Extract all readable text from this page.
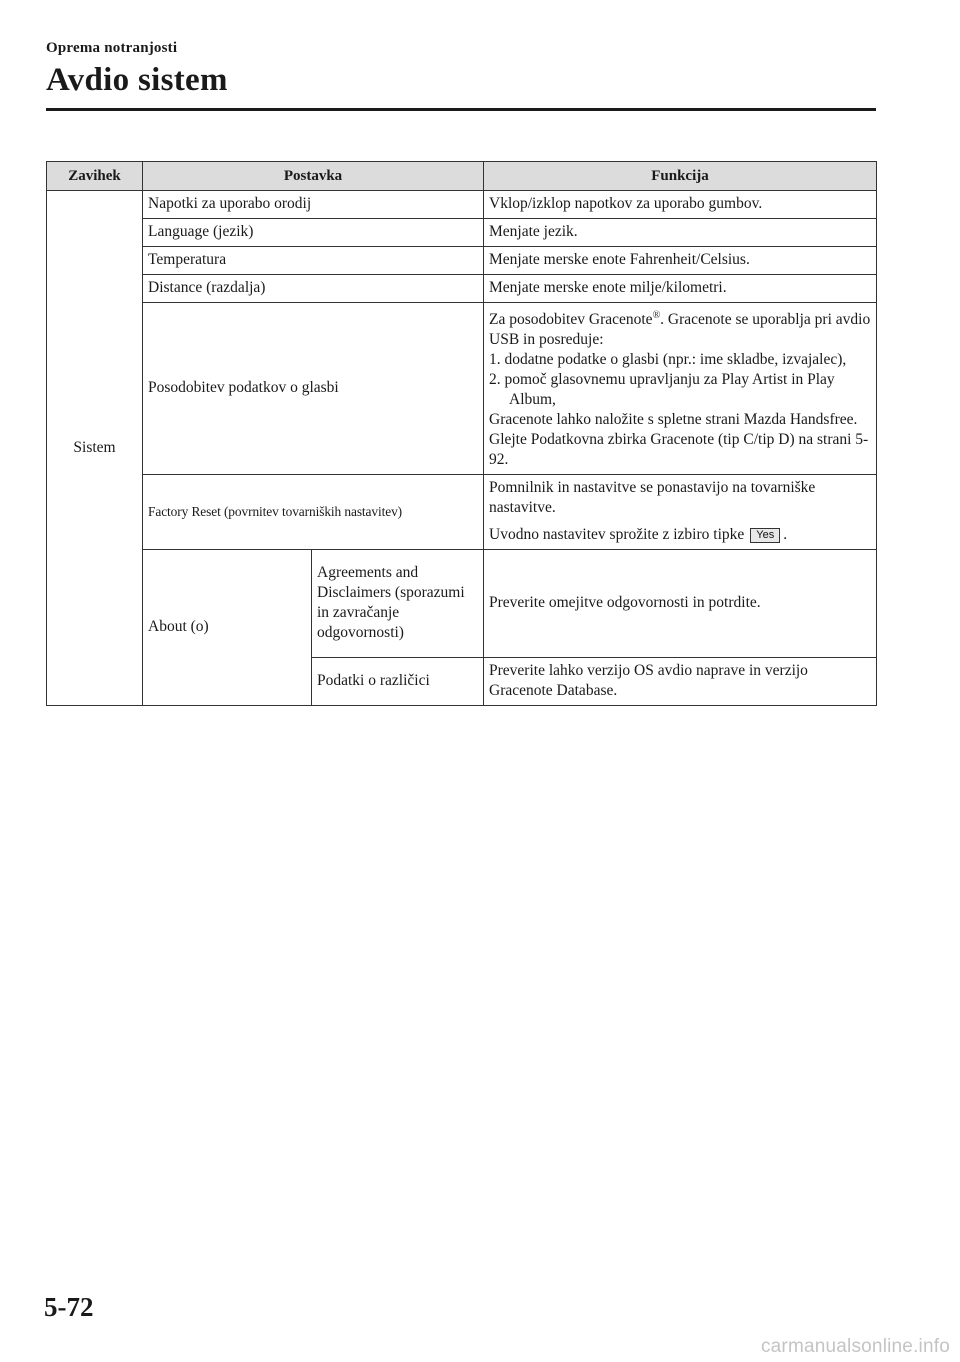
Oprema notranjosti
Avdio sistem
Zavihek	Postavka		Funkcija
Sistem	Napotki za uporabo orodij		Vklop/izklop napotkov za uporabo gumbov.
	Language (jezik)		Menjate jezik.
	Temperatura		Menjate merske enote Fahrenheit/Celsius.
	Distance (razdalja)		Menjate merske enote milje/kilometri.
	Posodobitev podatkov o glasbi		Za posodobitev Gracenote®. Gracenote se uporablja pri avdio USB in posreduje:

1. dodatne podatke o glasbi (npr.: ime skladbe, izvajalec),

2. pomoč glasovnemu upravljanju za Play Artist in Play Album,

Gracenote lahko naložite s spletne strani Mazda Handsfree.

Glejte Podatkovna zbirka Gracenote (tip C/tip D) na strani 5-92.

	Factory Reset (povrnitev tovarniških nastavitev)		Pomnilnik in nastavitve se ponastavijo na tovarniške nastavitve.

Uvodno nastavitev sprožite z izbiro tipke Yes .

	About (o)	Agreements and Disclaimers (sporazumi in zavračanje odgovornosti)	Preverite omejitve odgovornosti in potrdite.
		Podatki o različici	Preverite lahko verzijo OS avdio naprave in verzijo Gracenote Database.
5-72
carmanualsonline.info
